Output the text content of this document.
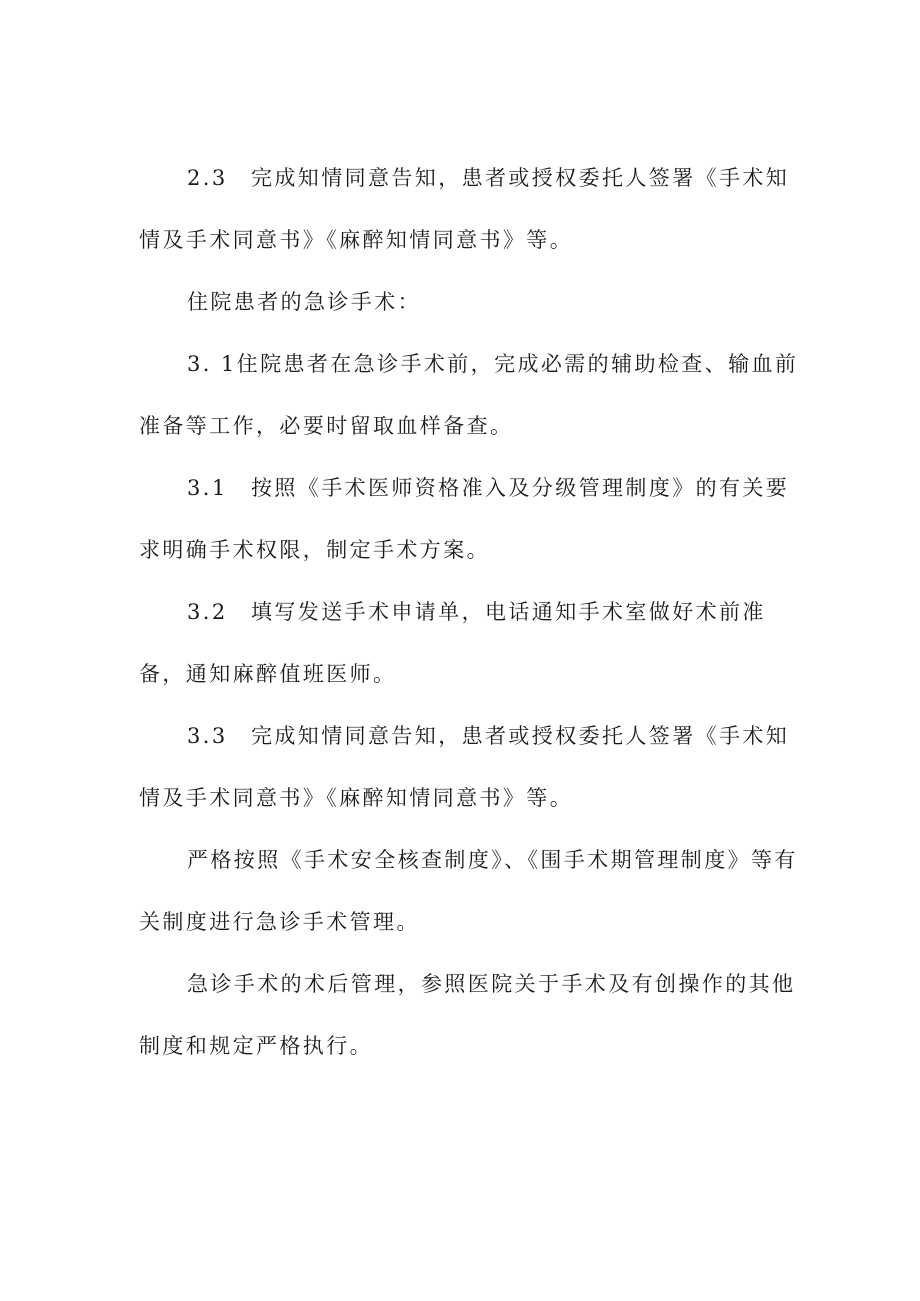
2.3　完成知情同意告知，患者或授权委托人签署《手术知情及手术同意书》《麻醉知情同意书》等。

住院患者的急诊手术：

3. 1住院患者在急诊手术前，完成必需的辅助检查、输血前准备等工作，必要时留取血样备查。

3.1　按照《手术医师资格准入及分级管理制度》的有关要求明确手术权限，制定手术方案。

3.2　填写发送手术申请单，电话通知手术室做好术前准备，通知麻醉值班医师。

3.3　完成知情同意告知，患者或授权委托人签署《手术知情及手术同意书》《麻醉知情同意书》等。

严格按照《手术安全核查制度》、《围手术期管理制度》等有关制度进行急诊手术管理。

急诊手术的术后管理，参照医院关于手术及有创操作的其他制度和规定严格执行。
